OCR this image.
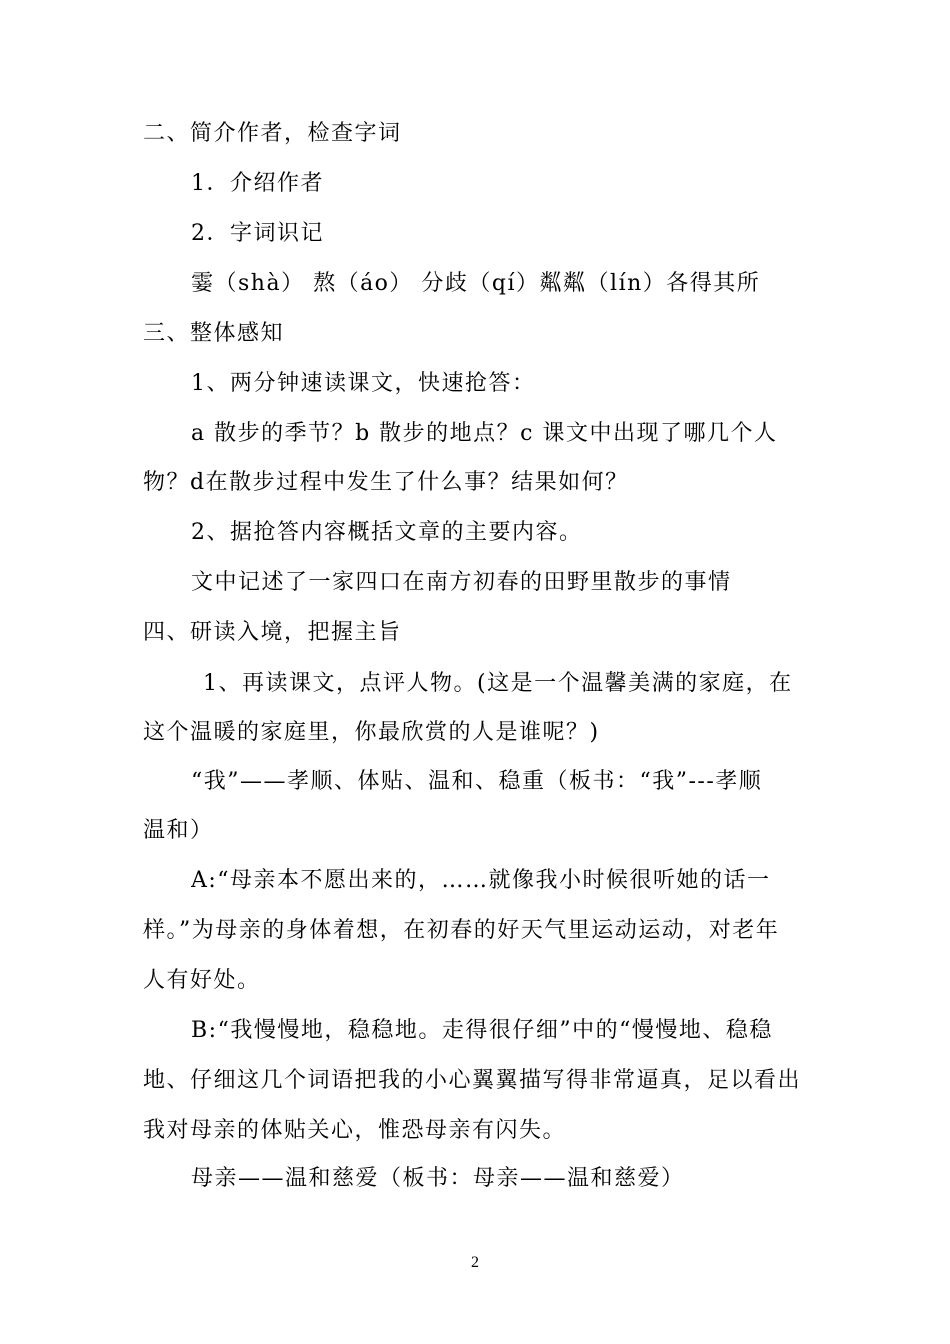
二、简介作者，检查字词
1．介绍作者
2．字词识记
霎（shà） 熬（áo） 分歧（qí）粼粼（lín）各得其所
三、整体感知
1、两分钟速读课文，快速抢答：
a 散步的季节？b 散步的地点？c 课文中出现了哪几个人
物？d在散步过程中发生了什么事？结果如何？
2、据抢答内容概括文章的主要内容。
文中记述了一家四口在南方初春的田野里散步的事情
四、研读入境，把握主旨
1、再读课文，点评人物。(这是一个温馨美满的家庭，在
这个温暖的家庭里，你最欣赏的人是谁呢？)
“我”——孝顺、体贴、温和、稳重（板书：“我”---孝顺
温和）
A:“母亲本不愿出来的，……就像我小时候很听她的话一
样。”为母亲的身体着想，在初春的好天气里运动运动，对老年
人有好处。
B:“我慢慢地，稳稳地。走得很仔细”中的“慢慢地、稳稳
地、仔细这几个词语把我的小心翼翼描写得非常逼真，足以看出
我对母亲的体贴关心，惟恐母亲有闪失。
母亲——温和慈爱（板书：母亲——温和慈爱）
2
